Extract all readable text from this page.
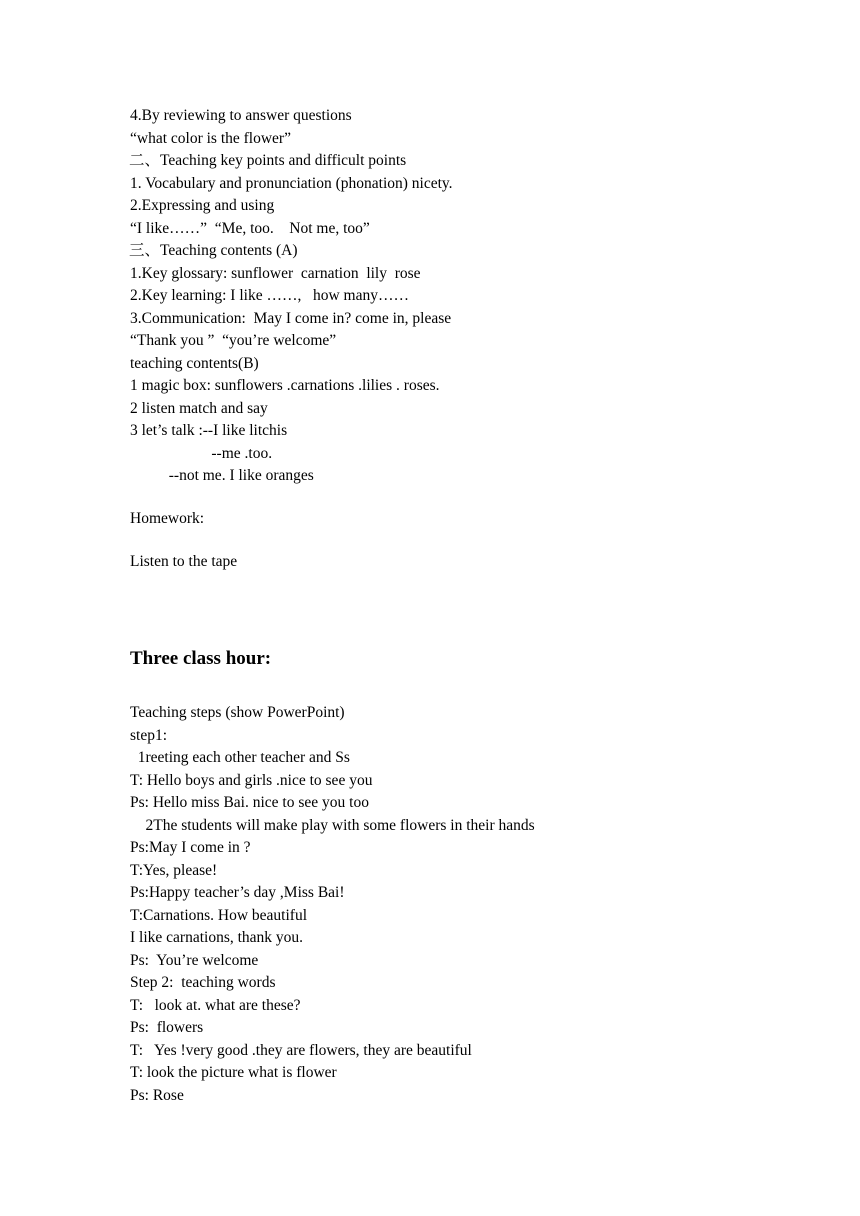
4.By reviewing to answer questions

“what color is the flower”

二、Teaching key points and difficult points

1. Vocabulary and pronunciation (phonation) nicety.

2.Expressing and using

“I like……”  “Me, too.    Not me, too”

三、Teaching contents (A)

1.Key glossary: sunflower  carnation  lily  rose

2.Key learning: I like ……,   how many……

3.Communication:  May I come in? come in, please

“Thank you ”  “you’re welcome”

teaching contents(B)

1 magic box: sunflowers .carnations .lilies . roses.

2 listen match and say

3 let’s talk :--I like litchis

--me .too.

--not me. I like oranges

Homework:

Listen to the tape

Three class hour:

Teaching steps (show PowerPoint)

step1:

1reeting each other teacher and Ss

T: Hello boys and girls .nice to see you

Ps: Hello miss Bai. nice to see you too

2The students will make play with some flowers in their hands

Ps:May I come in ?

T:Yes, please!

Ps:Happy teacher’s day ,Miss Bai!

T:Carnations. How beautiful

I like carnations, thank you.

Ps:  You’re welcome

Step 2:  teaching words

T:   look at. what are these?

Ps:  flowers

T:   Yes !very good .they are flowers, they are beautiful

T: look the picture what is flower

Ps: Rose
